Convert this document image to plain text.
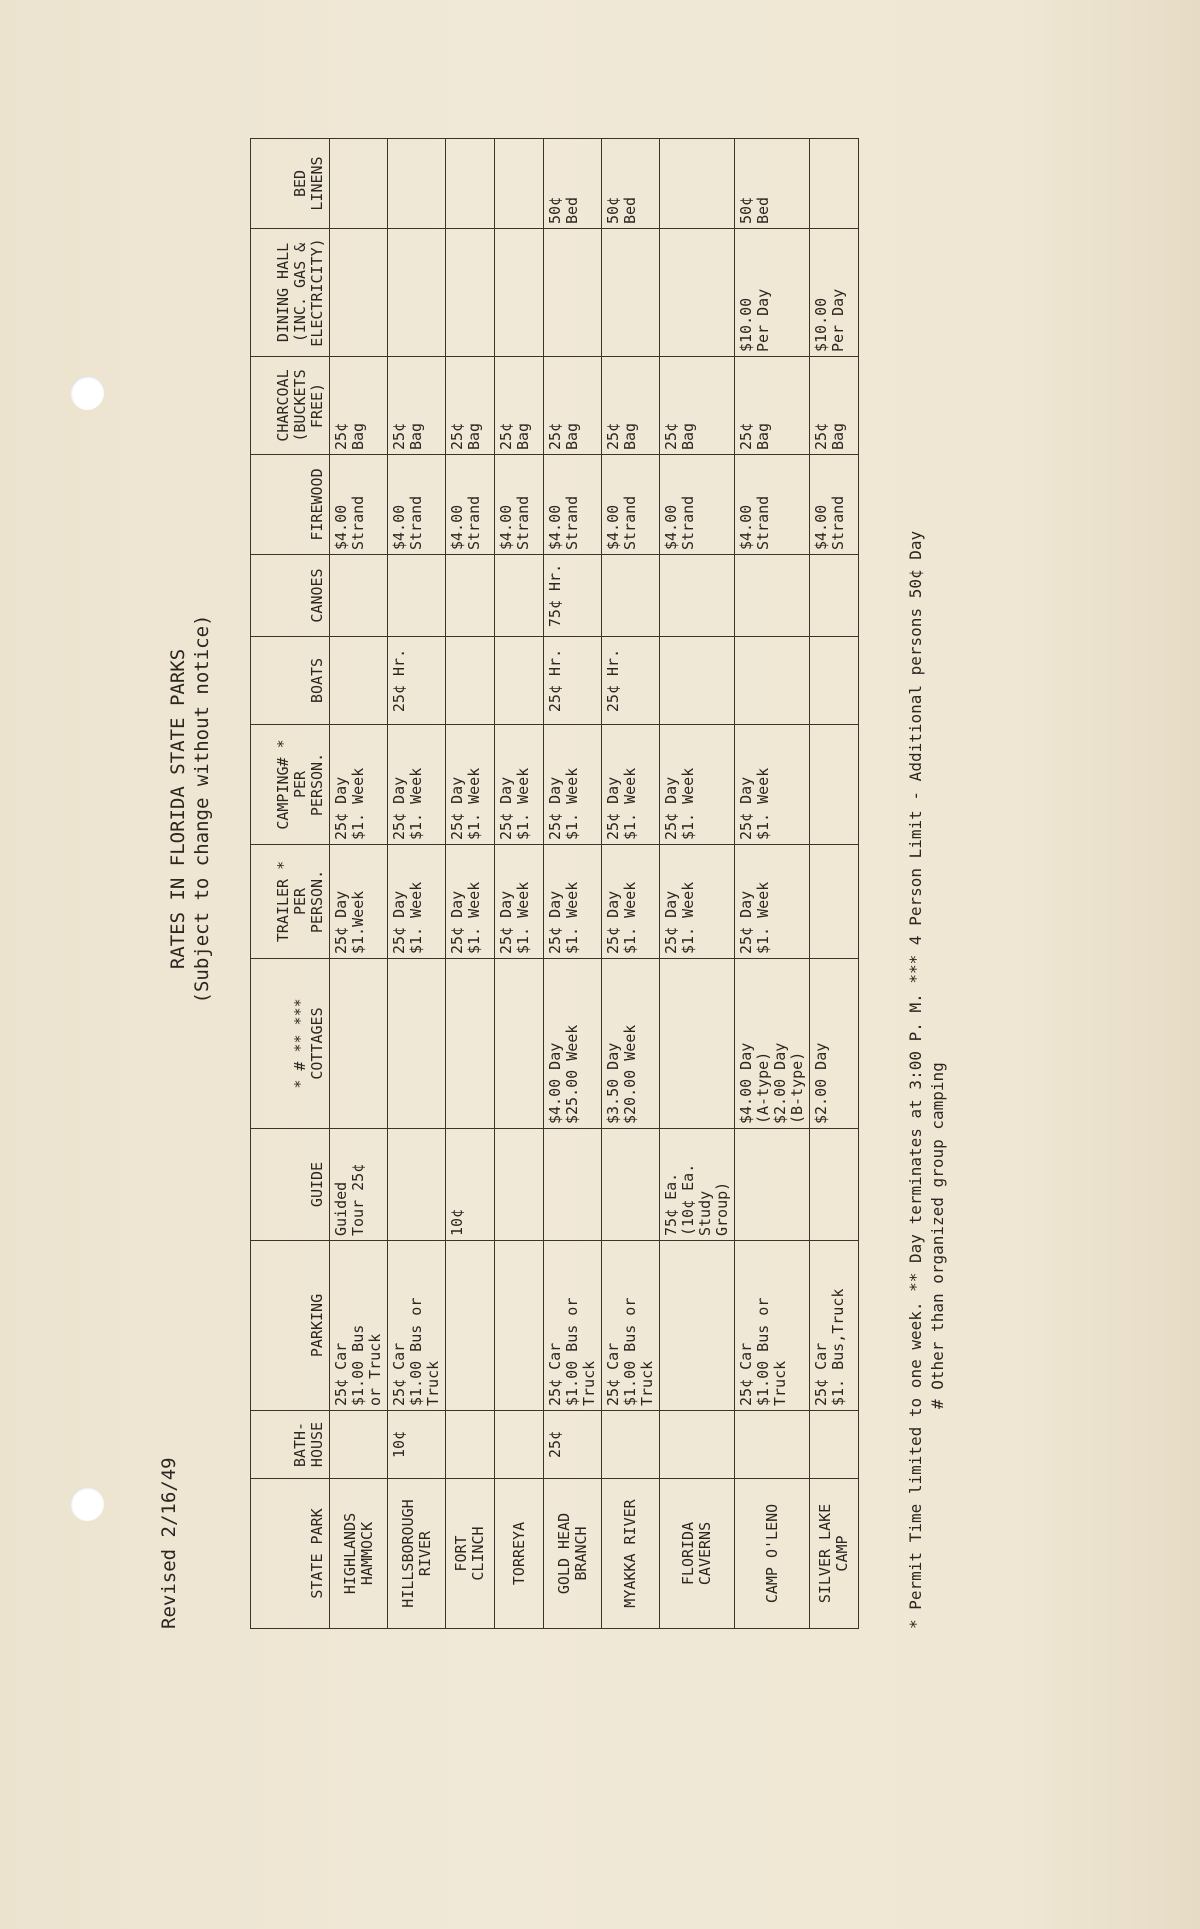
Revised 2/16/49
RATES IN FLORIDA STATE PARKS (Subject to change without notice)
STATE PARK	BATH- HOUSE	PARKING	GUIDE	* # ** *** COTTAGES	TRAILER * PER PERSON.	CAMPING# * PER PERSON.	BOATS	CANOES	FIREWOOD	CHARCOAL (BUCKETS FREE)	DINING HALL (INC. GAS & ELECTRICITY)	BED LINENS

HIGHLANDS HAMMOCK		25¢ Car $1.00 Bus or Truck	Guided Tour 25¢		25¢ Day $1.Week	25¢ Day $1. Week			$4.00 Strand	25¢ Bag		

HILLSBOROUGH RIVER	10¢	25¢ Car $1.00 Bus or Truck			25¢ Day $1. Week	25¢ Day $1. Week	25¢ Hr.		$4.00 Strand	25¢ Bag		

FORT CLINCH			10¢		25¢ Day $1. Week	25¢ Day $1. Week			$4.00 Strand	25¢ Bag		

TORREYA					25¢ Day $1. Week	25¢ Day $1. Week			$4.00 Strand	25¢ Bag		

GOLD HEAD BRANCH	25¢	25¢ Car $1.00 Bus or Truck		$4.00 Day $25.00 Week	25¢ Day $1. Week	25¢ Day $1. Week	25¢ Hr.	75¢ Hr.	$4.00 Strand	25¢ Bag		50¢ Bed

MYAKKA RIVER		25¢ Car $1.00 Bus or Truck		$3.50 Day $20.00 Week	25¢ Day $1. Week	25¢ Day $1. Week	25¢ Hr.		$4.00 Strand	25¢ Bag		50¢ Bed

FLORIDA CAVERNS			75¢ Ea. (10¢ Ea. Study Group)		25¢ Day $1. Week	25¢ Day $1. Week			$4.00 Strand	25¢ Bag		

CAMP O'LENO		25¢ Car $1.00 Bus or Truck		$4.00 Day (A-type) $2.00 Day (B-type)	25¢ Day $1. Week	25¢ Day $1. Week			$4.00 Strand	25¢ Bag	$10.00 Per Day	50¢ Bed

SILVER LAKE CAMP		25¢ Car $1. Bus,Truck		$2.00 Day					$4.00 Strand	25¢ Bag	$10.00 Per Day	

* Permit Time limited to one week. ** Day terminates at 3:00 P. M. *** 4 Person Limit - Additional persons 50¢ Day # Other than organized group camping
